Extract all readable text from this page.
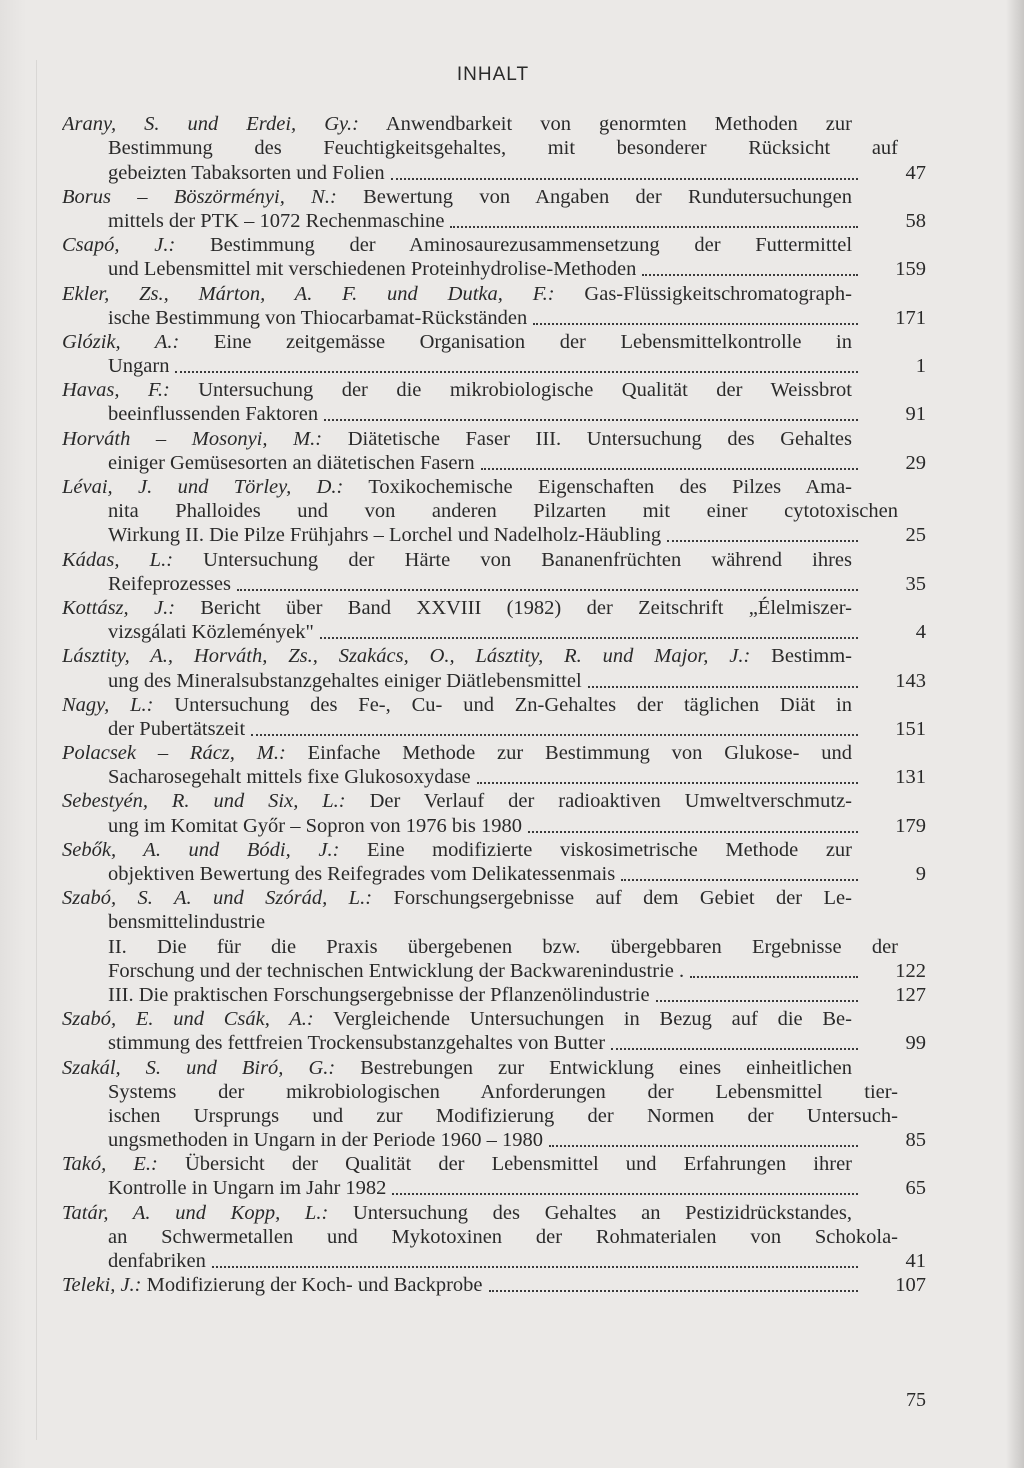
INHALT
Arany, S. und Erdei, Gy.: Anwendbarkeit von genormten Methoden zur
Bestimmung des Feuchtigkeitsgehaltes, mit besonderer Rücksicht auf
gebeizten Tabaksorten und Folien	47
Borus – Böszörményi, N.: Bewertung von Angaben der Rundutersuchungen
mittels der PTK – 1072 Rechenmaschine	58
Csapó, J.: Bestimmung der Aminosaurezusammensetzung der Futtermittel
und Lebensmittel mit verschiedenen Proteinhydrolise-Methoden	159
Ekler, Zs., Márton, A. F. und Dutka, F.: Gas-Flüssigkeitschromatograph-
ische Bestimmung von Thiocarbamat-Rückständen	171
Glózik, A.: Eine zeitgemässe Organisation der Lebensmittelkontrolle in
Ungarn	1
Havas, F.: Untersuchung der die mikrobiologische Qualität der Weissbrot
beeinflussenden Faktoren	91
Horváth – Mosonyi, M.: Diätetische Faser III. Untersuchung des Gehaltes
einiger Gemüsesorten an diätetischen Fasern	29
Lévai, J. und Törley, D.: Toxikochemische Eigenschaften des Pilzes Ama-
nita Phalloides und von anderen Pilzarten mit einer cytotoxischen
Wirkung II. Die Pilze Frühjahrs – Lorchel und Nadelholz-Häubling	25
Kádas, L.: Untersuchung der Härte von Bananenfrüchten während ihres
Reifeprozesses	35
Kottász, J.: Bericht über Band XXVIII (1982) der Zeitschrift „Élelmiszer-
vizsgálati Közlemények"	4
Lásztity, A., Horváth, Zs., Szakács, O., Lásztity, R. und Major, J.: Bestimm-
ung des Mineralsubstanzgehaltes einiger Diätlebensmittel	143
Nagy, L.: Untersuchung des Fe-, Cu- und Zn-Gehaltes der täglichen Diät in
der Pubertätszeit	151
Polacsek – Rácz, M.: Einfache Methode zur Bestimmung von Glukose- und
Sacharosegehalt mittels fixe Glukosoxydase	131
Sebestyén, R. und Six, L.: Der Verlauf der radioaktiven Umweltverschmutz-
ung im Komitat Győr – Sopron von 1976 bis 1980	179
Sebők, A. und Bódi, J.: Eine modifizierte viskosimetrische Methode zur
objektiven Bewertung des Reifegrades vom Delikatessenmais	9
Szabó, S. A. und Szórád, L.: Forschungsergebnisse auf dem Gebiet der Le-
bensmittelindustrie
II. Die für die Praxis übergebenen bzw. übergebbaren Ergebnisse der
Forschung und der technischen Entwicklung der Backwarenindustrie .	122
III. Die praktischen Forschungsergebnisse der Pflanzenölindustrie	127
Szabó, E. und Csák, A.: Vergleichende Untersuchungen in Bezug auf die Be-
stimmung des fettfreien Trockensubstanzgehaltes von Butter	99
Szakál, S. und Biró, G.: Bestrebungen zur Entwicklung eines einheitlichen
Systems der mikrobiologischen Anforderungen der Lebensmittel tier-
ischen Ursprungs und zur Modifizierung der Normen der Untersuch-
ungsmethoden in Ungarn in der Periode 1960 – 1980	85
Takó, E.: Übersicht der Qualität der Lebensmittel und Erfahrungen ihrer
Kontrolle in Ungarn im Jahr 1982	65
Tatár, A. und Kopp, L.: Untersuchung des Gehaltes an Pestizidrückstandes,
an Schwermetallen und Mykotoxinen der Rohmaterialen von Schokola-
denfabriken	41
Teleki, J.: Modifizierung der Koch- und Backprobe	107
75
